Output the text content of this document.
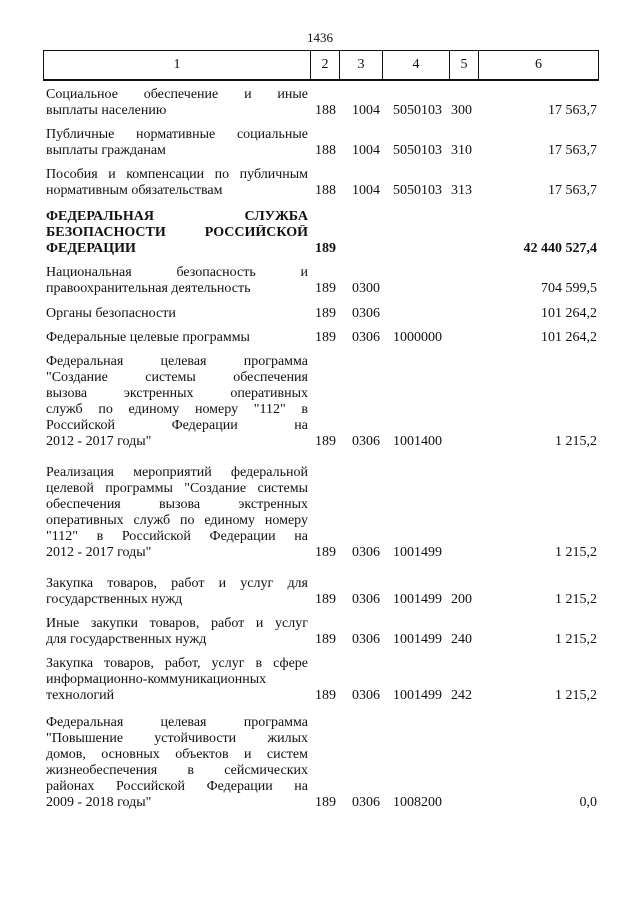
1436
1	2	3	4	5	6
Социальное обеспечение и иные
выплаты населению	188 1004 5050103 300	17 563,7
Публичные нормативные социальные
выплаты гражданам	188 1004 5050103 310	17 563,7
Пособия и компенсации по публичным
нормативным обязательствам	188 1004 5050103 313	17 563,7
ФЕДЕРАЛЬНАЯ СЛУЖБА
БЕЗОПАСНОСТИ РОССИЙСКОЙ
ФЕДЕРАЦИИ	189	42 440 527,4
Национальная безопасность и
правоохранительная деятельность	189 0300	704 599,5
Органы безопасности	189 0306	101 264,2
Федеральные целевые программы	189 0306 1000000	101 264,2
Федеральная целевая программа
"Создание системы обеспечения
вызова экстренных оперативных
служб по единому номеру "112" в
Российской Федерации на
2012 - 2017 годы"	189 0306 1001400	1 215,2
Реализация мероприятий федеральной
целевой программы "Создание системы
обеспечения вызова экстренных
оперативных служб по единому номеру
"112" в Российской Федерации на
2012 - 2017 годы"	189 0306 1001499	1 215,2
Закупка товаров, работ и услуг для
государственных нужд	189 0306 1001499 200	1 215,2
Иные закупки товаров, работ и услуг
для государственных нужд	189 0306 1001499 240	1 215,2
Закупка товаров, работ, услуг в сфере
информационно-коммуникационных
технологий	189 0306 1001499 242	1 215,2
Федеральная целевая программа
"Повышение устойчивости жилых
домов, основных объектов и систем
жизнеобеспечения в сейсмических
районах Российской Федерации на
2009 - 2018 годы"	189 0306 1008200	0,0
